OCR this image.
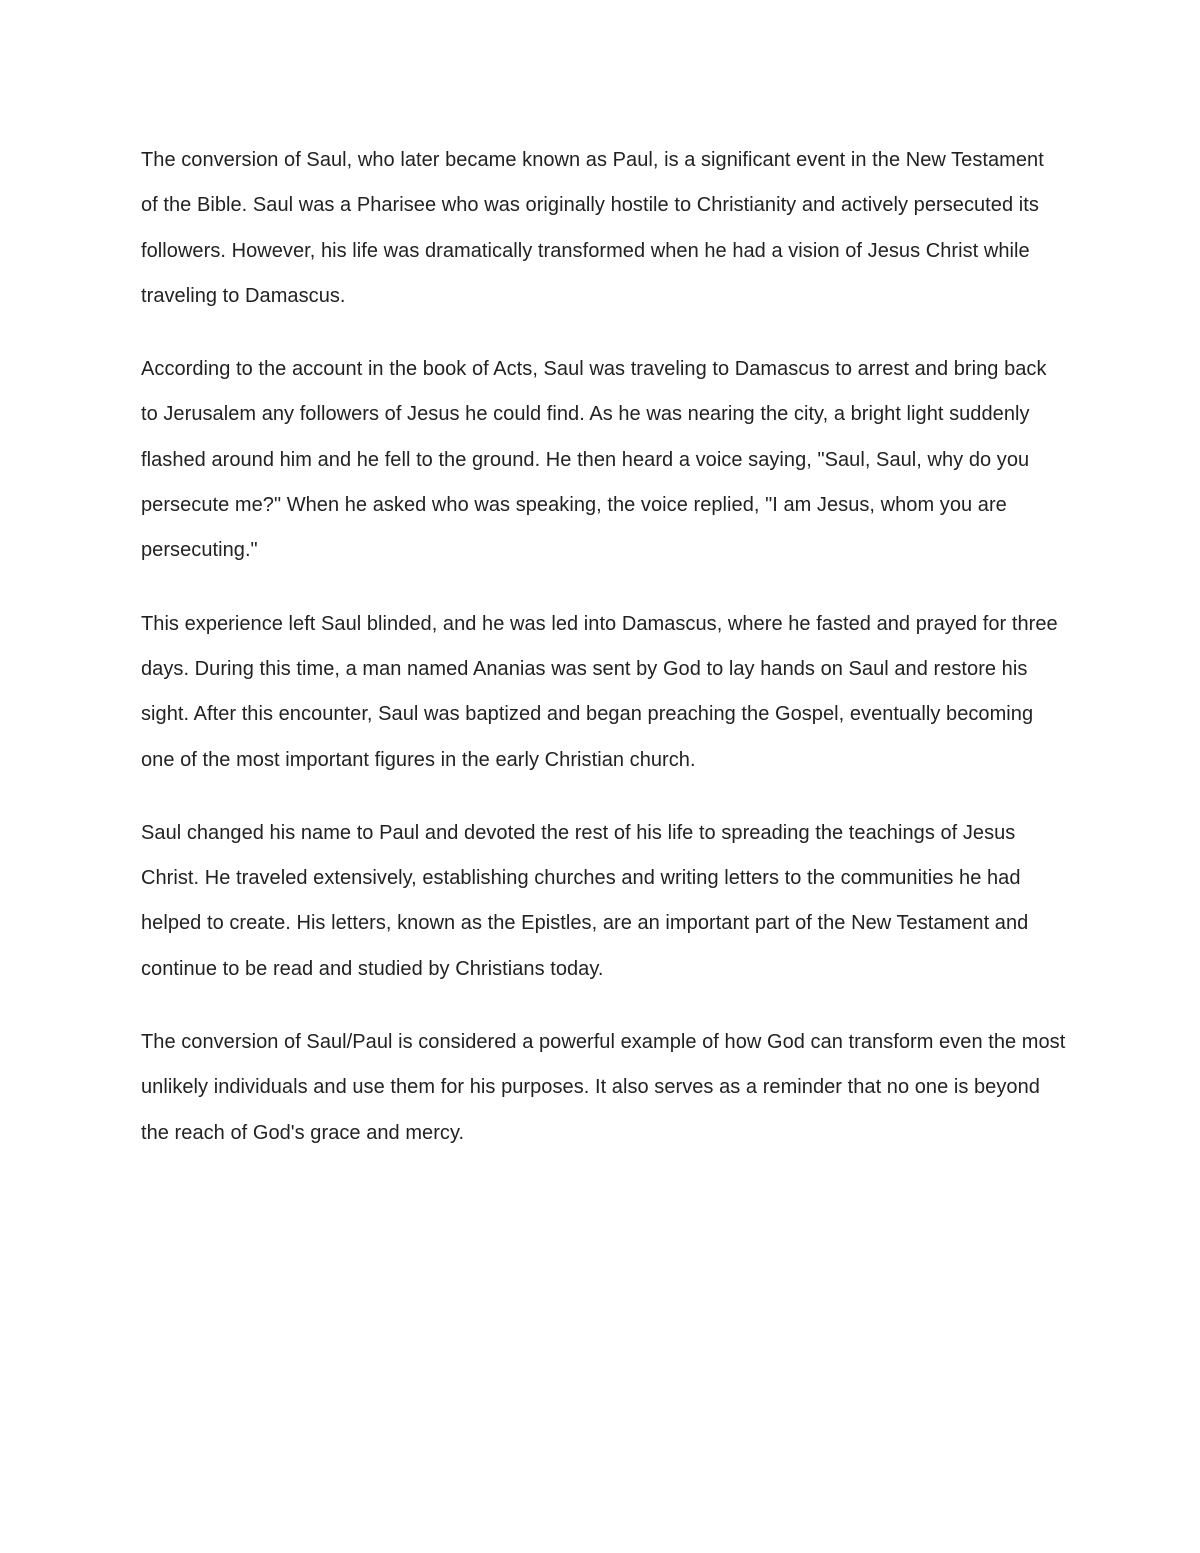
The conversion of Saul, who later became known as Paul, is a significant event in the New Testament of the Bible. Saul was a Pharisee who was originally hostile to Christianity and actively persecuted its followers. However, his life was dramatically transformed when he had a vision of Jesus Christ while traveling to Damascus.

According to the account in the book of Acts, Saul was traveling to Damascus to arrest and bring back to Jerusalem any followers of Jesus he could find. As he was nearing the city, a bright light suddenly flashed around him and he fell to the ground. He then heard a voice saying, "Saul, Saul, why do you persecute me?" When he asked who was speaking, the voice replied, "I am Jesus, whom you are persecuting."

This experience left Saul blinded, and he was led into Damascus, where he fasted and prayed for three days. During this time, a man named Ananias was sent by God to lay hands on Saul and restore his sight. After this encounter, Saul was baptized and began preaching the Gospel, eventually becoming one of the most important figures in the early Christian church.

Saul changed his name to Paul and devoted the rest of his life to spreading the teachings of Jesus Christ. He traveled extensively, establishing churches and writing letters to the communities he had helped to create. His letters, known as the Epistles, are an important part of the New Testament and continue to be read and studied by Christians today.

The conversion of Saul/Paul is considered a powerful example of how God can transform even the most unlikely individuals and use them for his purposes. It also serves as a reminder that no one is beyond the reach of God's grace and mercy.
